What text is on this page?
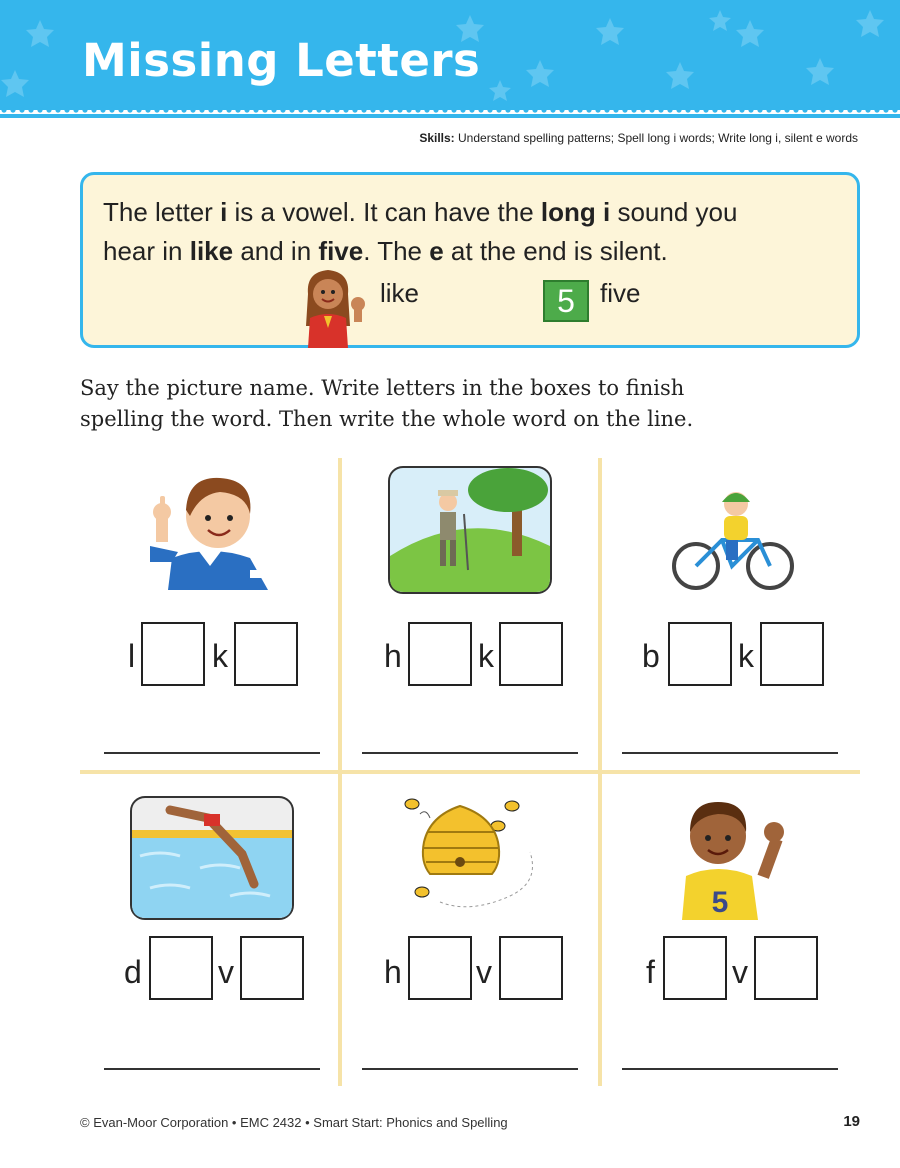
Missing Letters
Skills: Understand spelling patterns; Spell long i words; Write long i, silent e words
The letter i is a vowel. It can have the long i sound you
hear in like and in five. The e at the end is silent.
like	5 five
Say the picture name. Write letters in the boxes to finish
spelling the word. Then write the whole word on the line.
5
l k	h k	b k
d v	h v	f v
© Evan-Moor Corporation • EMC 2432 • Smart Start: Phonics and Spelling	19
